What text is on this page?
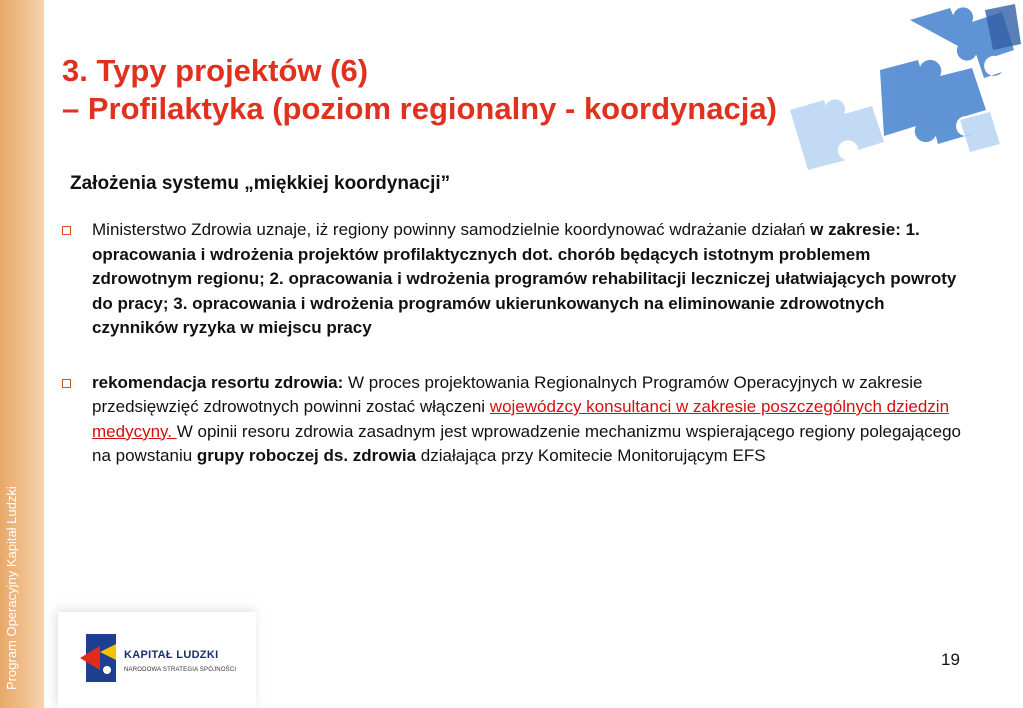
Program Operacyjny Kapitał Ludzki
3. Typy projektów (6)
– Profilaktyka (poziom regionalny - koordynacja)
Założenia systemu „miękkiej koordynacji”
Ministerstwo Zdrowia uznaje, iż regiony powinny samodzielnie koordynować wdrażanie działań w zakresie: 1. opracowania i wdrożenia projektów profilaktycznych dot. chorób będących istotnym problemem zdrowotnym regionu; 2. opracowania i wdrożenia programów rehabilitacji leczniczej ułatwiających powroty do pracy; 3. opracowania i wdrożenia programów ukierunkowanych na eliminowanie zdrowotnych czynników ryzyka w miejscu pracy
rekomendacja resortu zdrowia: W proces projektowania Regionalnych Programów Operacyjnych w zakresie przedsięwzięć zdrowotnych powinni zostać włączeni wojewódzcy konsultanci w zakresie poszczególnych dziedzin medycyny. W opinii resoru zdrowia zasadnym jest wprowadzenie mechanizmu wspierającego regiony polegającego na powstaniu grupy roboczej ds. zdrowia działająca przy Komitecie Monitorującym EFS
KAPITAŁ LUDZKI
NARODOWA STRATEGIA SPÓJNOŚCI
19
